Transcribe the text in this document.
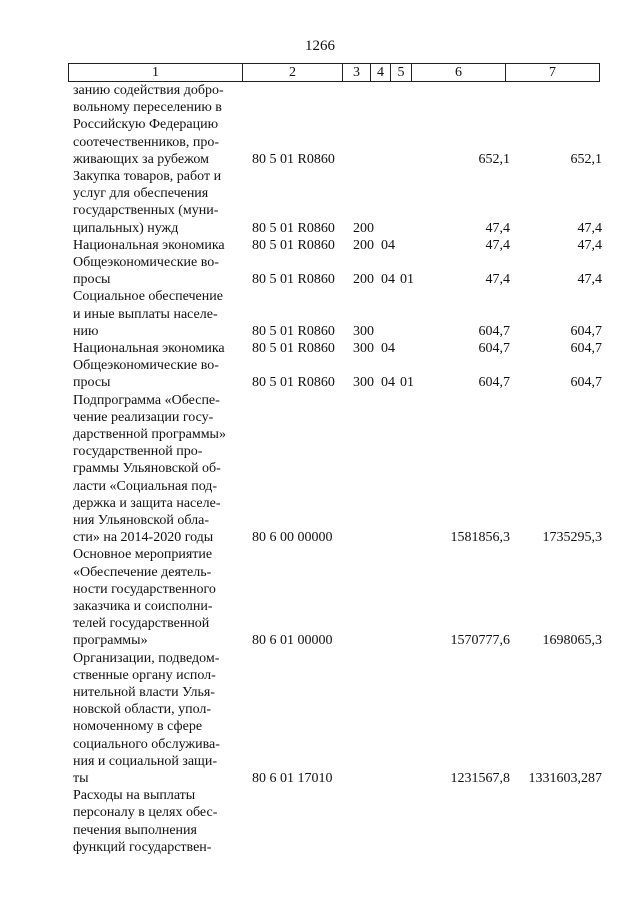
1266
1	2	3	4	5	6	7
занию содействия добро-
вольному переселению в
Российскую Федерацию
соотечественников, про-
живающих за рубежом	80 5 01 R0860	652,1	652,1
Закупка товаров, работ и
услуг для обеспечения
государственных (муни-
ципальных) нужд	80 5 01 R0860 200	47,4	47,4
Национальная экономика	80 5 01 R0860 200 04	47,4	47,4
Общеэкономические во-
просы	80 5 01 R0860 200 04 01	47,4	47,4
Социальное обеспечение
и иные выплаты населе-
нию	80 5 01 R0860 300	604,7	604,7
Национальная экономика	80 5 01 R0860 300 04	604,7	604,7
Общеэкономические во-
просы	80 5 01 R0860 300 04 01	604,7	604,7
Подпрограмма «Обеспе-
чение реализации госу-
дарственной программы»
государственной про-
граммы Ульяновской об-
ласти «Социальная под-
держка и защита населе-
ния Ульяновской обла-
сти» на 2014-2020 годы	80 6 00 00000	1581856,3 1735295,3
Основное мероприятие
«Обеспечение деятель-
ности государственного
заказчика и соисполни-
телей государственной
программы»	80 6 01 00000	1570777,6 1698065,3
Организации, подведом-
ственные органу испол-
нительной власти Улья-
новской области, упол-
номоченному в сфере
социального обслужива-
ния и социальной защи-
ты	80 6 01 17010	1231567,8 1331603,287
Расходы на выплаты
персоналу в целях обес-
печения выполнения
функций государствен-
